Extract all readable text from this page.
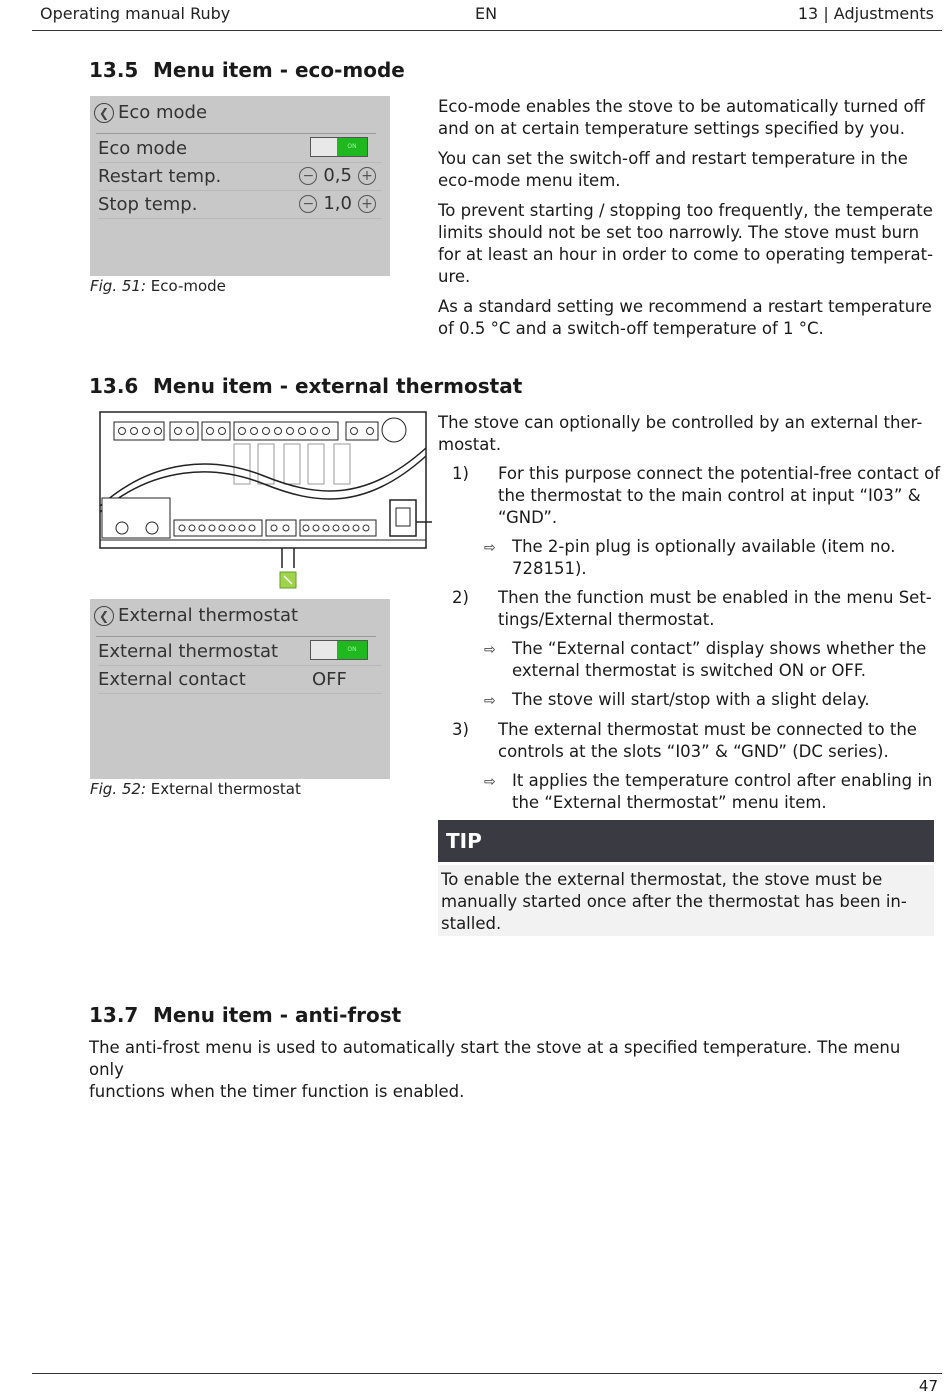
Operating manual Ruby	EN	13 | Adjustments
13.5 Menu item - eco-mode
❮ Eco mode
Eco mode	ON
Restart temp.	− 0,5 +
Stop temp.	− 1,0 +
Fig. 51: Eco-mode

Eco-mode enables the stove to be automatically turned off and on at certain temperature settings specified by you.

You can set the switch-off and restart temperature in the eco-mode menu item.

To prevent starting / stopping too frequently, the temperate limits should not be set too narrowly. The stove must burn for at least an hour in order to come to operating temperat-ure.

As a standard setting we recommend a restart temperature of 0.5 °C and a switch-off temperature of 1 °C.

13.6 Menu item - external thermostat
❮ External thermostat
External thermostat	ON
External contact	OFF
Fig. 52: External thermostat
The stove can optionally be controlled by an external ther-mostat.
1) For this purpose connect the potential-free contact of
the thermostat to the main control at input “I03” &
“GND”.
⇨ The 2-pin plug is optionally available (item no.
728151).
2) Then the function must be enabled in the menu Set-
tings/External thermostat.
⇨ The “External contact” display shows whether the
external thermostat is switched ON or OFF.
⇨ The stove will start/stop with a slight delay.
3) The external thermostat must be connected to the
controls at the slots “I03” & “GND” (DC series).
⇨ It applies the temperature control after enabling in
the “External thermostat” menu item.
TIP
To enable the external thermostat, the stove must be
manually started once after the thermostat has been in-
stalled.
13.7 Menu item - anti-frost
The anti-frost menu is used to automatically start the stove at a specified temperature. The menu only
functions when the timer function is enabled.
47
